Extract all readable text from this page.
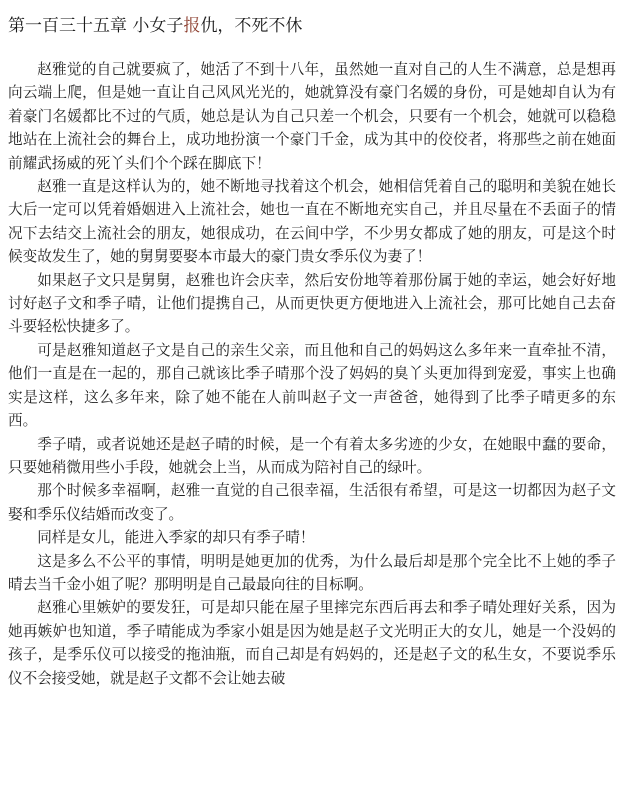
第一百三十五章 小女子报仇，不死不休

赵雅觉的自己就要疯了，她活了不到十八年，虽然她一直对自己的人生不满意，总是想再向云端上爬，但是她一直让自己风风光光的，她就算没有豪门名媛的身份，可是她却自认为有着豪门名媛都比不过的气质，她总是认为自己只差一个机会，只要有一个机会，她就可以稳稳地站在上流社会的舞台上，成功地扮演一个豪门千金，成为其中的佼佼者，将那些之前在她面前耀武扬威的死丫头们个个踩在脚底下！

赵雅一直是这样认为的，她不断地寻找着这个机会，她相信凭着自己的聪明和美貌在她长大后一定可以凭着婚姻进入上流社会，她也一直在不断地充实自己，并且尽量在不丢面子的情况下去结交上流社会的朋友，她很成功，在云间中学，不少男女都成了她的朋友，可是这个时候变故发生了，她的舅舅要娶本市最大的豪门贵女季乐仪为妻了！

如果赵子文只是舅舅，赵雅也许会庆幸，然后安份地等着那份属于她的幸运，她会好好地讨好赵子文和季子晴，让他们提携自己，从而更快更方便地进入上流社会，那可比她自己去奋斗要轻松快捷多了。

可是赵雅知道赵子文是自己的亲生父亲，而且他和自己的妈妈这么多年来一直牵扯不清，他们一直是在一起的，那自己就该比季子晴那个没了妈妈的臭丫头更加得到宠爱，事实上也确实是这样，这么多年来，除了她不能在人前叫赵子文一声爸爸，她得到了比季子晴更多的东西。

季子晴，或者说她还是赵子晴的时候，是一个有着太多劣迹的少女，在她眼中蠢的要命，只要她稍微用些小手段，她就会上当，从而成为陪衬自己的绿叶。

那个时候多幸福啊，赵雅一直觉的自己很幸福，生活很有希望，可是这一切都因为赵子文娶和季乐仪结婚而改变了。

同样是女儿，能进入季家的却只有季子晴！

这是多么不公平的事情，明明是她更加的优秀，为什么最后却是那个完全比不上她的季子晴去当千金小姐了呢？那明明是自己最最向往的目标啊。

赵雅心里嫉妒的要发狂，可是却只能在屋子里摔完东西后再去和季子晴处理好关系，因为她再嫉妒也知道，季子晴能成为季家小姐是因为她是赵子文光明正大的女儿，她是一个没妈的孩子，是季乐仪可以接受的拖油瓶，而自己却是有妈妈的，还是赵子文的私生女，不要说季乐仪不会接受她，就是赵子文都不会让她去破
